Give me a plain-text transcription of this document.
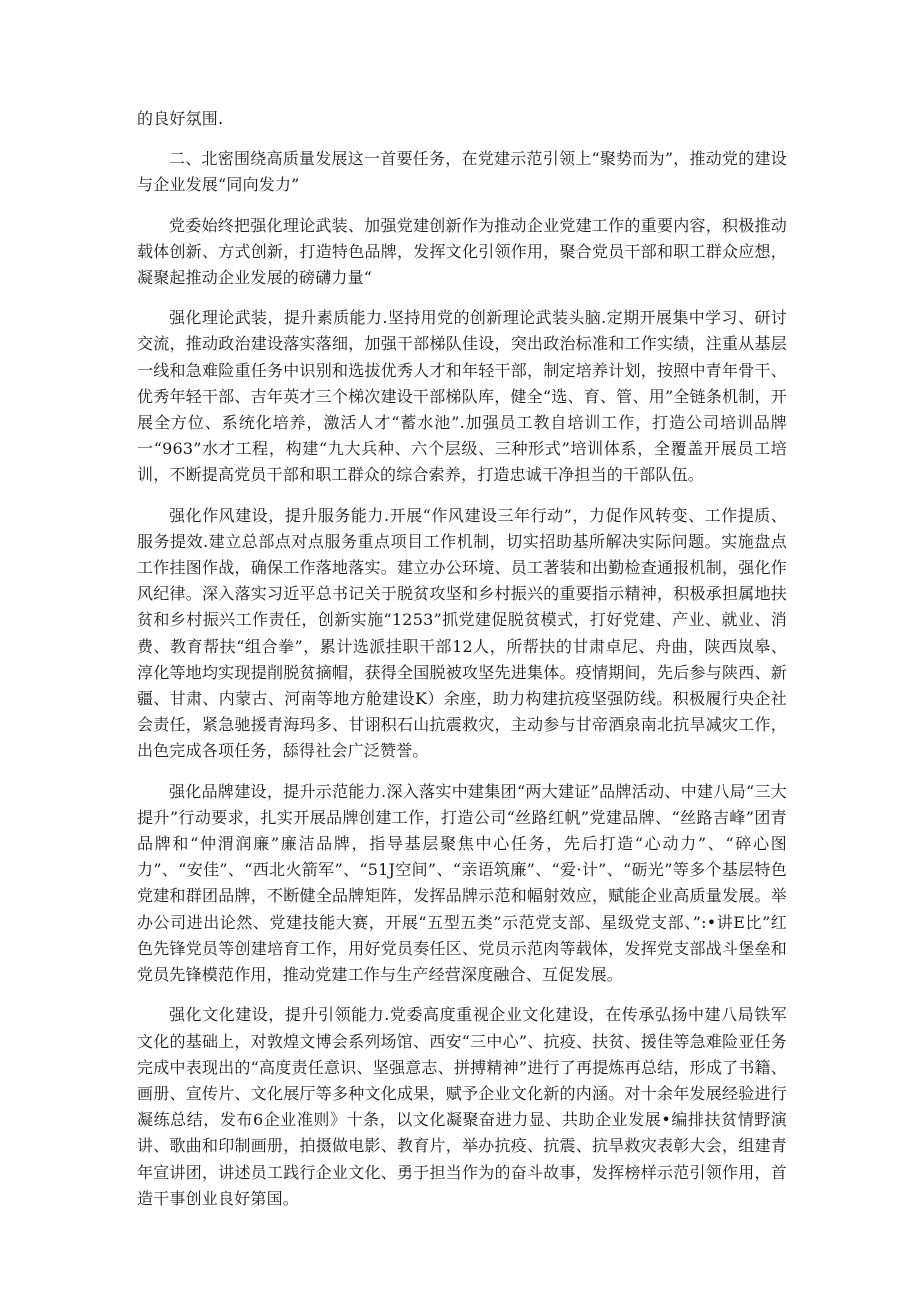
的良好氛围.

二、北密围绕高质量发展这一首要任务，在党建示范引领上“聚势而为”，推动党的建设与企业发展“同向发力”

党委始终把强化理论武装、加强党建创新作为推动企业党建工作的重要内容，积极推动载体创新、方式创新，打造特色品牌，发挥文化引领作用，聚合党员干部和职工群众应想，凝聚起推动企业发展的磅礴力量“

强化理论武装，提升素质能力.坚持用党的创新理论武装头脑.定期开展集中学习、研讨交流，推动政治建设落实落细，加强干部梯队佳设，突出政治标准和工作实绩，注重从基层一线和急难险重任务中识别和选拔优秀人才和年轻干部，制定培养计划，按照中青年骨干、优秀年轻干部、吉年英才三个梯次建设干部梯队库，健全“选、育、管、用”全链条机制，开展全方位、系统化培养，激活人才“蓄水池”.加强员工教自培训工作，打造公司培训品牌一“963”水才工程，构建“九大兵种、六个层级、三种形式”培训体系，全覆盖开展员工培训，不断提高党员干部和职工群众的综合索养，打造忠诚干净担当的干部队伍。

强化作风建设，提升服务能力.开展“作风建设三年行动”，力促作风转变、工作提质、服务提效.建立总部点对点服务重点项目工作机制，切实招助基所解决实际问题。实施盘点工作挂图作战，确保工作落地落实。建立办公环境、员工著装和出勤检查通报机制，强化作风纪律。深入落实习近平总书记关于脱贫攻坚和乡村振兴的重要指示精神，积极承担属地扶贫和乡村振兴工作责任，创新实施“1253”抓党建促脱贫模式，打好党建、产业、就业、消费、教育帮扶“组合拳”，累计选派挂职干部12人，所帮扶的甘肃卓尼、舟曲，陕西岚皋、淳化等地均实现提削脱贫摘帽，获得全国脱被攻坚先进集体。疫情期间，先后参与陕西、新疆、甘肃、内蒙古、河南等地方舱建设K）余座，助力构建抗疫坚强防线。积极履行央企社会责任，紧急驰援青海玛多、甘诩积石山抗震救灾，主动参与甘帝酒泉南北抗旱减灾工作，出色完成各项任务，舔得社会广泛赞誉。

强化品牌建设，提升示范能力.深入落实中建集团“两大建证”品牌活动、中建八局“三大提升”行动要求，扎实开展品牌创建工作，打造公司“丝路红帆”党建品牌、“丝路吉峰”团青品牌和“仲渭润廉”廉洁品牌，指导基层聚焦中心任务，先后打造“心动力”、“碎心图力”、“安佳”、“西北火箭军”、“51J空间”、“亲语筑廉”、“爱·计”、“砺光”等多个基层特色党建和群团品牌，不断健全品牌矩阵，发挥品牌示范和幅射效应，赋能企业高质量发展。举办公司进出论然、党建技能大赛，开展“五型五类”示范党支部、星级党支部、”:•讲E比”红色先锋党员等创建培育工作，用好党员奏任区、党员示范肉等载体，发挥党支部战斗堡垒和党员先锋模范作用，推动党建工作与生产经营深度融合、互促发展。

强化文化建设，提升引领能力.党委高度重视企业文化建设，在传承弘扬中建八局铁军文化的基础上，对敦煌文博会系列场馆、西安“三中心”、抗疫、扶贫、援佳等急难险亚任务完成中表现出的“高度责任意识、坚强意志、拼搏精神”进行了再提炼再总结，形成了书籍、画册、宣传片、文化展厅等多种文化成果，赋予企业文化新的内涵。对十余年发展经验进行凝练总结，发布6企业准则》十条，以文化凝聚奋进力显、共助企业发展•编排扶贫情野演讲、歌曲和印制画册，拍摄做电影、教育片，举办抗疫、抗震、抗旱救灾表彰大会，组建青年宣讲团，讲述员工践行企业文化、勇于担当作为的奋斗故事，发挥榜样示范引领作用，首造干事创业良好第国。
